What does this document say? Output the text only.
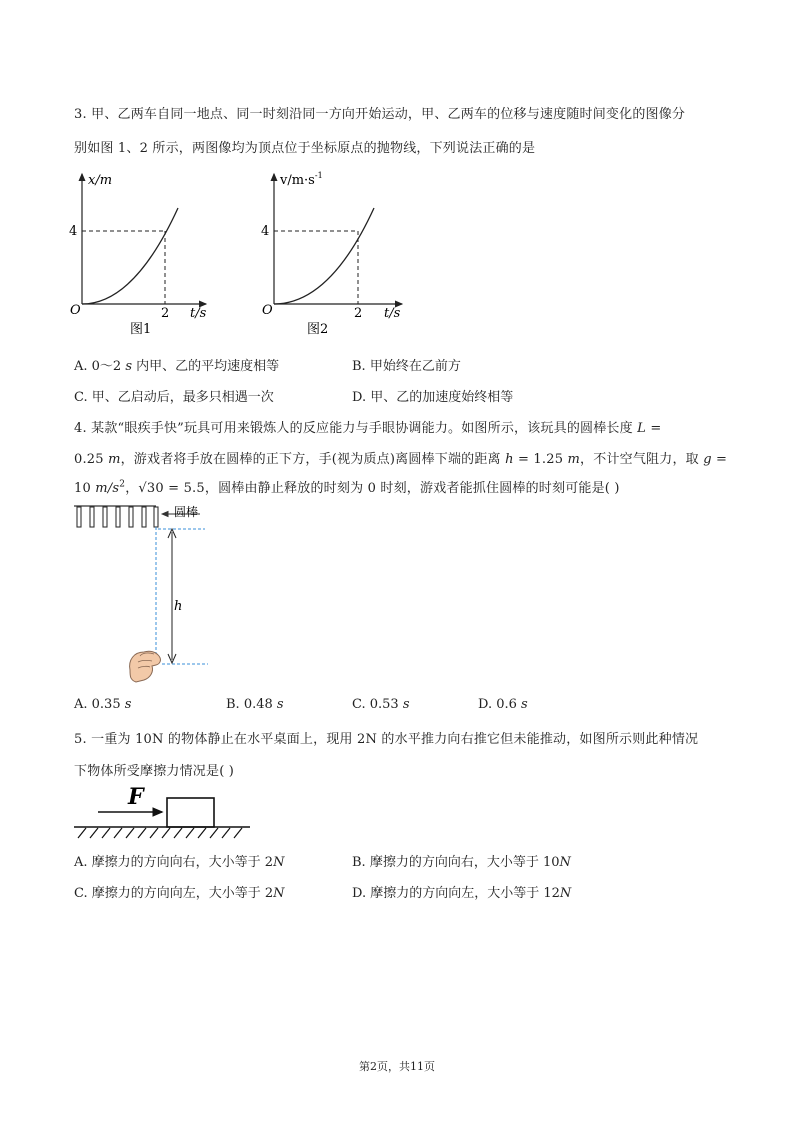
3. 甲、乙两车自同一地点、同一时刻沿同一方向开始运动，甲、乙两车的位移与速度随时间变化的图像分
别如图 1、2 所示，两图像均为顶点位于坐标原点的抛物线，下列说法正确的是
x/m
4
O	2 t/s
图1
$v/m\cdot s^{-1}$
4
O	2 t/s
图2
A. 0～2 s 内甲、乙的平均速度相等	B. 甲始终在乙前方
C. 甲、乙启动后，最多只相遇一次	D. 甲、乙的加速度始终相等
4. 某款“眼疾手快”玩具可用来锻炼人的反应能力与手眼协调能力。如图所示，该玩具的圆棒长度 L =
0.25 m，游戏者将手放在圆棒的正下方，手(视为质点)离圆棒下端的距离 h = 1.25 m，不计空气阻力，取 g =
10 $m/s^2$，√30 = 5.5，圆棒由静止释放的时刻为 0 时刻，游戏者能抓住圆棒的时刻可能是( )
圆棒
h
A. 0.35 s	B. 0.48 s	C. 0.53 s	D. 0.6 s
5. 一重为 10N 的物体静止在水平桌面上，现用 2N 的水平推力向右推它但未能推动，如图所示则此种情况
下物体所受摩擦力情况是( )
F
A. 摩擦力的方向向右，大小等于 2N	B. 摩擦力的方向向右，大小等于 10N
C. 摩擦力的方向向左，大小等于 2N	D. 摩擦力的方向向左，大小等于 12N
第2页，共11页
